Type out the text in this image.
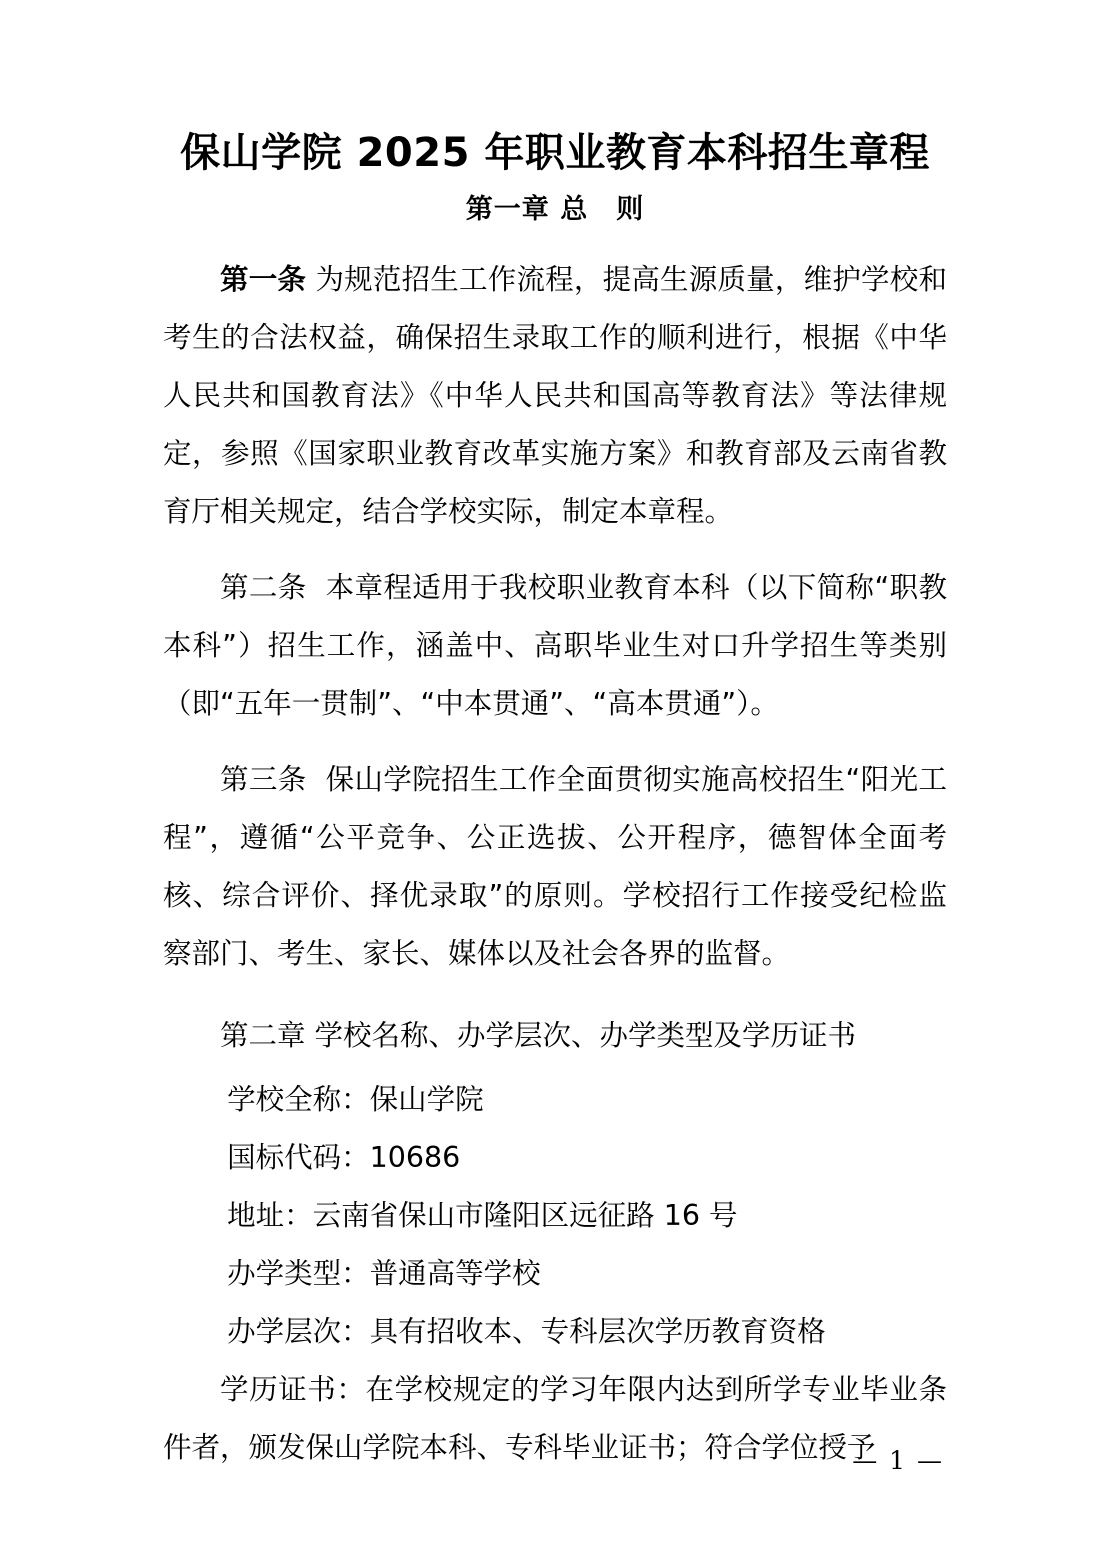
保山学院 2025 年职业教育本科招生章程
第一章 总　则

第一条 为规范招生工作流程，提高生源质量，维护学校和考生的合法权益，确保招生录取工作的顺利进行，根据《中华人民共和国教育法》《中华人民共和国高等教育法》等法律规定，参照《国家职业教育改革实施方案》和教育部及云南省教育厅相关规定，结合学校实际，制定本章程。

第二条 本章程适用于我校职业教育本科（以下简称“职教本科”）招生工作，涵盖中、高职毕业生对口升学招生等类别（即“五年一贯制”、“中本贯通”、“高本贯通”）。

第三条 保山学院招生工作全面贯彻实施高校招生“阳光工程”，遵循“公平竞争、公正选拔、公开程序，德智体全面考核、综合评价、择优录取”的原则。学校招行工作接受纪检监察部门、考生、家长、媒体以及社会各界的监督。

第二章 学校名称、办学层次、办学类型及学历证书
学校全称：保山学院
国标代码：10686
地址：云南省保山市隆阳区远征路 16 号
办学类型：普通高等学校
办学层次：具有招收本、专科层次学历教育资格

学历证书：在学校规定的学习年限内达到所学专业毕业条件者，颁发保山学院本科、专科毕业证书；符合学位授予

— 1 —
